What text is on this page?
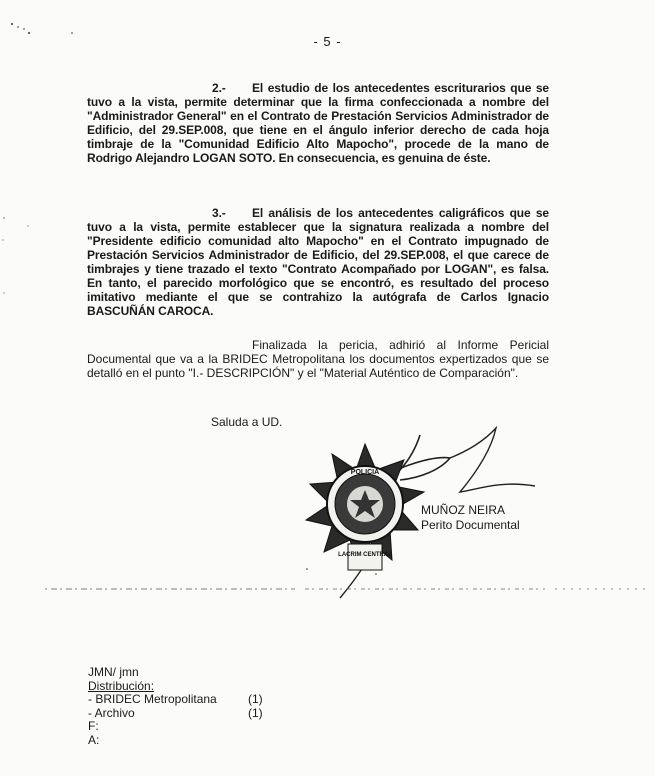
- 5 -
2.- El estudio de los antecedentes escriturarios que se tuvo a la vista, permite determinar que la firma confeccionada a nombre del "Administrador General" en el Contrato de Prestación Servicios Administrador de Edificio, del 29.SEP.008, que tiene en el ángulo inferior derecho de cada hoja timbraje de la "Comunidad Edificio Alto Mapocho", procede de la mano de Rodrigo Alejandro LOGAN SOTO. En consecuencia, es genuina de éste.
3.- El análisis de los antecedentes caligráficos que se tuvo a la vista, permite establecer que la signatura realizada a nombre del "Presidente edificio comunidad alto Mapocho" en el Contrato impugnado de Prestación Servicios Administrador de Edificio, del 29.SEP.008, el que carece de timbrajes y tiene trazado el texto "Contrato Acompañado por LOGAN", es falsa. En tanto, el parecido morfológico que se encontró, es resultado del proceso imitativo mediante el que se contrahizo la autógrafa de Carlos Ignacio BASCUÑÁN CAROCA.
Finalizada la pericia, adhirió al Informe Pericial Documental que va a la BRIDEC Metropolitana los documentos expertizados que se detalló en el punto "I.- DESCRIPCIÓN" y el "Material Auténtico de Comparación".
Saluda a UD.
POLICIA
LACRIM CENTRAL
MUÑOZ NEIRA
Perito Documental
JMN/ jmn
Distribución:
- BRIDEC Metropolitana	(1)
- Archivo	(1)
F:
A:
